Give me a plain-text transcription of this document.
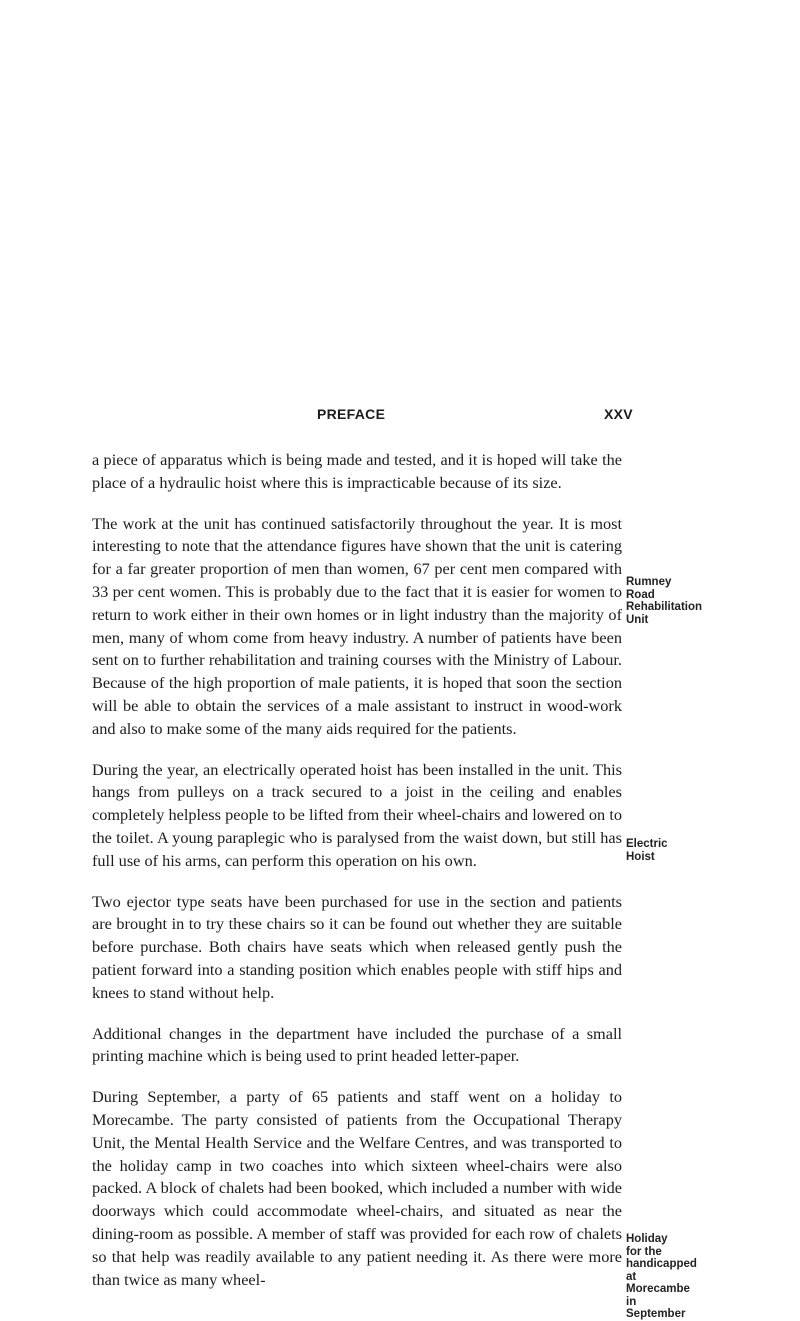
PREFACE	XXV

a piece of apparatus which is being made and tested, and it is hoped will take the place of a hydraulic hoist where this is impracticable because of its size.

The work at the unit has continued satisfactorily throughout the year. It is most interesting to note that the attendance figures have shown that the unit is catering for a far greater proportion of men than women, 67 per cent men compared with 33 per cent women. This is probably due to the fact that it is easier for women to return to work either in their own homes or in light industry than the majority of men, many of whom come from heavy industry. A number of patients have been sent on to further rehabilitation and training courses with the Ministry of Labour. Because of the high proportion of male patients, it is hoped that soon the section will be able to obtain the services of a male assistant to instruct in wood-work and also to make some of the many aids required for the patients.

During the year, an electrically operated hoist has been installed in the unit. This hangs from pulleys on a track secured to a joist in the ceiling and enables completely helpless people to be lifted from their wheel-chairs and lowered on to the toilet. A young paraplegic who is paralysed from the waist down, but still has full use of his arms, can perform this operation on his own.

Two ejector type seats have been purchased for use in the section and patients are brought in to try these chairs so it can be found out whether they are suitable before purchase. Both chairs have seats which when released gently push the patient forward into a standing position which enables people with stiff hips and knees to stand without help.

Additional changes in the department have included the purchase of a small printing machine which is being used to print headed letter-paper.

During September, a party of 65 patients and staff went on a holiday to Morecambe. The party consisted of patients from the Occupational Therapy Unit, the Mental Health Service and the Welfare Centres, and was transported to the holiday camp in two coaches into which sixteen wheel-chairs were also packed. A block of chalets had been booked, which included a number with wide doorways which could accommodate wheel-chairs, and situated as near the dining-room as possible. A member of staff was provided for each row of chalets so that help was readily available to any patient needing it. As there were more than twice as many wheel-

Rumney
Road
Rehabilitation
Unit
Electric
Hoist
Holiday
for the
handicapped
at
Morecambe
in
September
